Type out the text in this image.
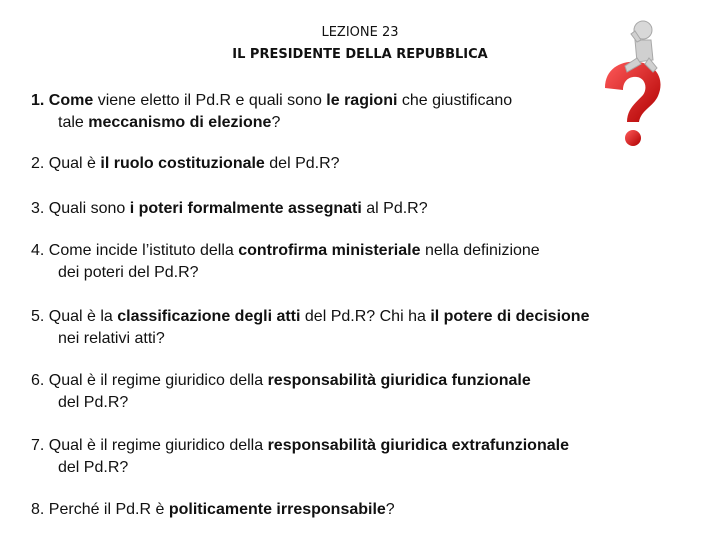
LEZIONE 23
IL PRESIDENTE DELLA REPUBBLICA
1. Come viene eletto il Pd.R e quali sono le ragioni che giustificano
tale meccanismo di elezione?
2. Qual è il ruolo costituzionale del Pd.R?
3. Quali sono i poteri formalmente assegnati al Pd.R?
4. Come incide l’istituto della controfirma ministeriale nella definizione
dei poteri del Pd.R?
5. Qual è la classificazione degli atti del Pd.R? Chi ha il potere di decisione
nei relativi atti?
6. Qual è il regime giuridico della responsabilità giuridica funzionale
del Pd.R?
7. Qual è il regime giuridico della responsabilità giuridica extrafunzionale
del Pd.R?
8. Perché il Pd.R è politicamente irresponsabile?
